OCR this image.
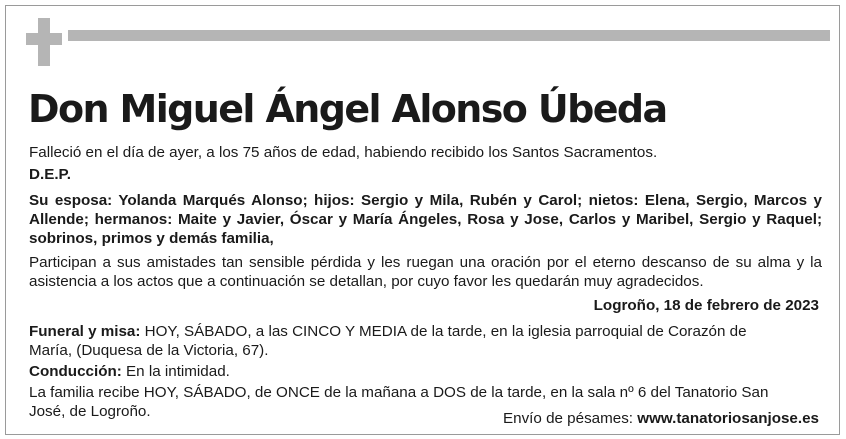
Don Miguel Ángel Alonso Úbeda

Falleció en el día de ayer, a los 75 años de edad, habiendo recibido los Santos Sacramentos.

D.E.P.

Su esposa: Yolanda Marqués Alonso; hijos: Sergio y Mila, Rubén y Carol; nietos: Elena, Sergio, Marcos y Allende; hermanos: Maite y Javier, Óscar y María Ángeles, Rosa y Jose, Carlos y Maribel, Sergio y Raquel; sobrinos, primos y demás familia,

Participan a sus amistades tan sensible pérdida y les ruegan una oración por el eterno descanso de su alma y la asistencia a los actos que a continuación se detallan, por cuyo favor les quedarán muy agradecidos.

Logroño, 18 de febrero de 2023

Funeral y misa: HOY, SÁBADO, a las CINCO Y MEDIA de la tarde, en la iglesia parroquial de Corazón de María, (Duquesa de la Victoria, 67).

Conducción: En la intimidad.

La familia recibe HOY, SÁBADO, de ONCE de la mañana a DOS de la tarde, en la sala nº 6 del Tanatorio San José, de Logroño.	Envío de pésames: www.tanatoriosanjose.es
